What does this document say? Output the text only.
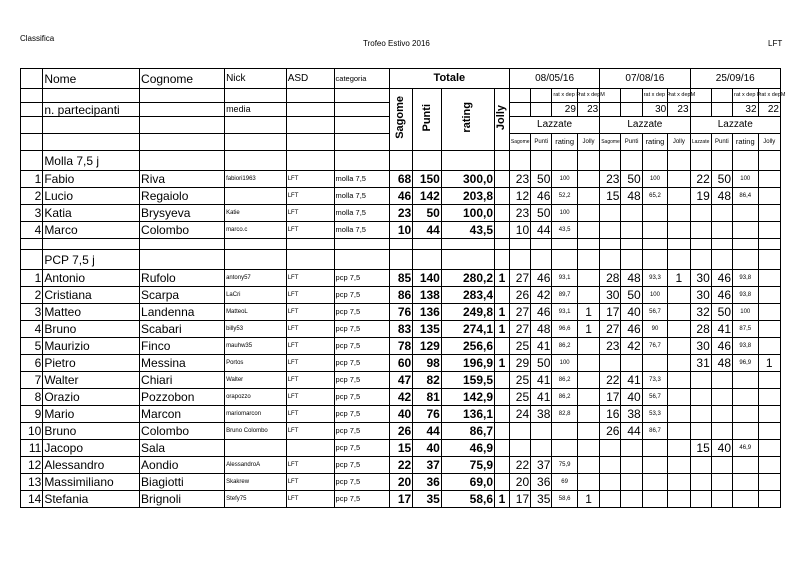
Classifica
Trofeo Estivo 2016	LFT
	Nome	Cognome	Nick	ASD	categoria	Totale				08/05/16				07/08/16				25/09/16			
						Sagome	Punti	rating	Jolly			rat x dep P	rat x depM			rat x dep P	rat x depM			rat x dep P	rat x depM
	n. partecipanti		media									29	23			30	23			32	22
										Lazzate				Lazzate				Lazzate			
										Sagome	Punti	rating	Jolly	Sagome	Punti	rating	Jolly	Lazzate	Punti	rating	Jolly
	Molla 7,5 j																				
1	Fabio	Riva	fabiori1963	LFT	molla 7,5	68	150	300,0		23	50	100		23	50	100		22	50	100	
2	Lucio	Regaiolo		LFT	molla 7,5	46	142	203,8		12	46	52,2		15	48	65,2		19	48	86,4	
3	Katia	Brysyeva	Katie	LFT	molla 7,5	23	50	100,0		23	50	100									
4	Marco	Colombo	marco.c	LFT	molla 7,5	10	44	43,5		10	44	43,5									

	PCP 7,5 j																				
1	Antonio	Rufolo	antony57	LFT	pcp 7,5	85	140	280,2	1	27	46	93,1		28	48	93,3	1	30	46	93,8	
2	Cristiana	Scarpa	LaCri	LFT	pcp 7,5	86	138	283,4		26	42	89,7		30	50	100		30	46	93,8	
3	Matteo	Landenna	MatteoL	LFT	pcp 7,5	76	136	249,8	1	27	46	93,1	1	17	40	56,7		32	50	100	
4	Bruno	Scabari	billy53	LFT	pcp 7,5	83	135	274,1	1	27	48	96,6	1	27	46	90		28	41	87,5	
5	Maurizio	Finco	mauhw35	LFT	pcp 7,5	78	129	256,6		25	41	86,2		23	42	76,7		30	46	93,8	
6	Pietro	Messina	Portos	LFT	pcp 7,5	60	98	196,9	1	29	50	100						31	48	96,9	1
7	Walter	Chiari	Walter	LFT	pcp 7,5	47	82	159,5		25	41	86,2		22	41	73,3					
8	Orazio	Pozzobon	orapozzo	LFT	pcp 7,5	42	81	142,9		25	41	86,2		17	40	56,7					
9	Mario	Marcon	mariomarcon	LFT	pcp 7,5	40	76	136,1		24	38	82,8		16	38	53,3					
10	Bruno	Colombo	Bruno Colombo	LFT	pcp 7,5	26	44	86,7						26	44	86,7					
11	Jacopo	Sala			pcp 7,5	15	40	46,9										15	40	46,9	
12	Alessandro	Aondio	AlessandroA	LFT	pcp 7,5	22	37	75,9		22	37	75,9									
13	Massimiliano	Biagiotti	Skakrew	LFT	pcp 7,5	20	36	69,0		20	36	69									
14	Stefania	Brignoli	Stefy75	LFT	pcp 7,5	17	35	58,6	1	17	35	58,6	1								
